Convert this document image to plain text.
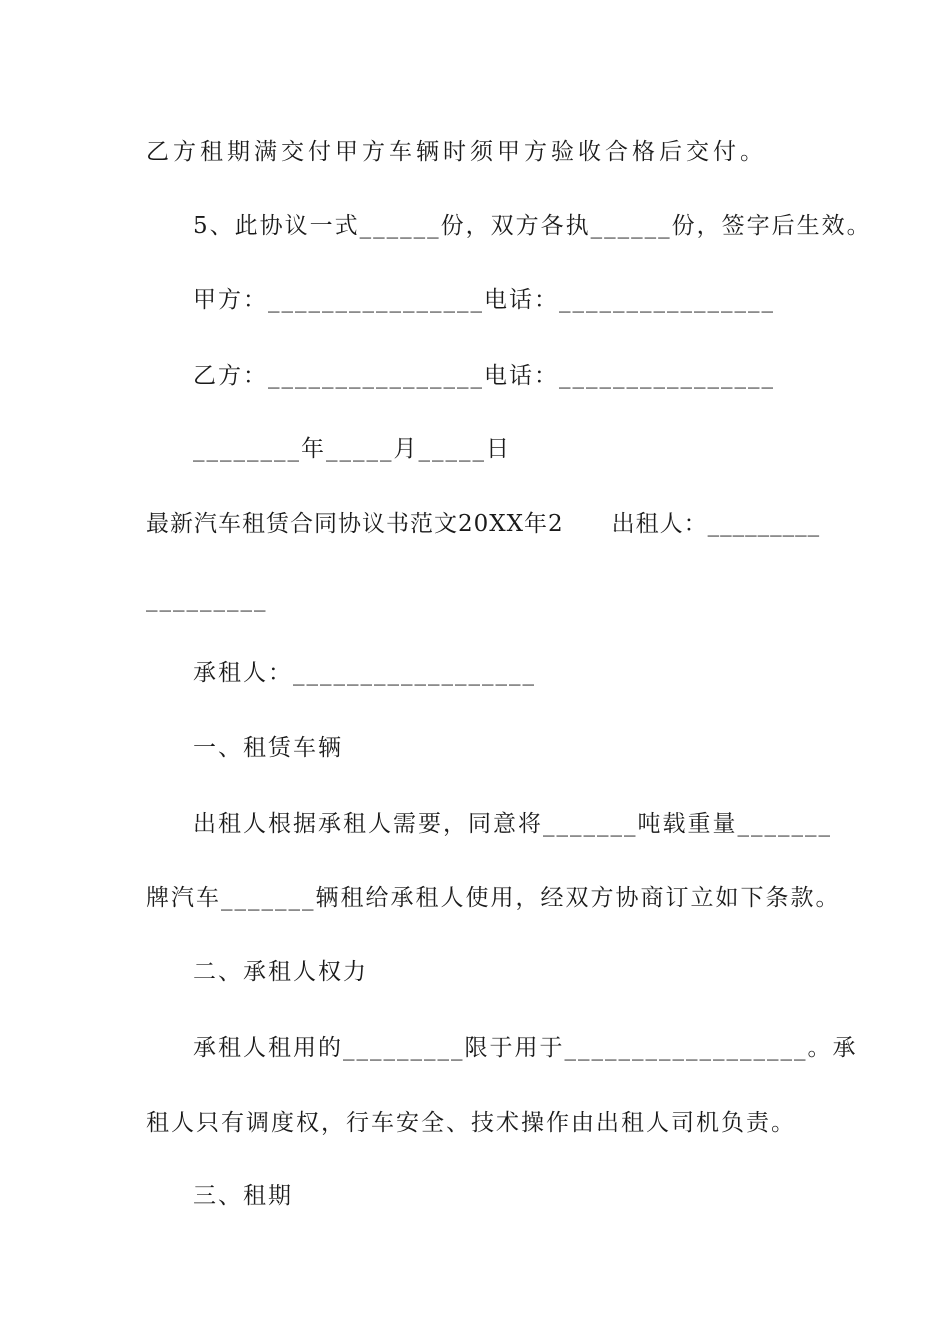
乙方租期满交付甲方车辆时须甲方验收合格后交付。

5、此协议一式______份，双方各执______份，签字后生效。

甲方：________________电话：________________

乙方：________________电话：________________

________年_____月_____日

最新汽车租赁合同协议书范文20XX年2　　出租人：_________

_________

承租人：__________________

一、租赁车辆

出租人根据承租人需要，同意将_______吨载重量_______

牌汽车_______辆租给承租人使用，经双方协商订立如下条款。

二、承租人权力

承租人租用的_________限于用于__________________。承

租人只有调度权，行车安全、技术操作由出租人司机负责。

三、租期
